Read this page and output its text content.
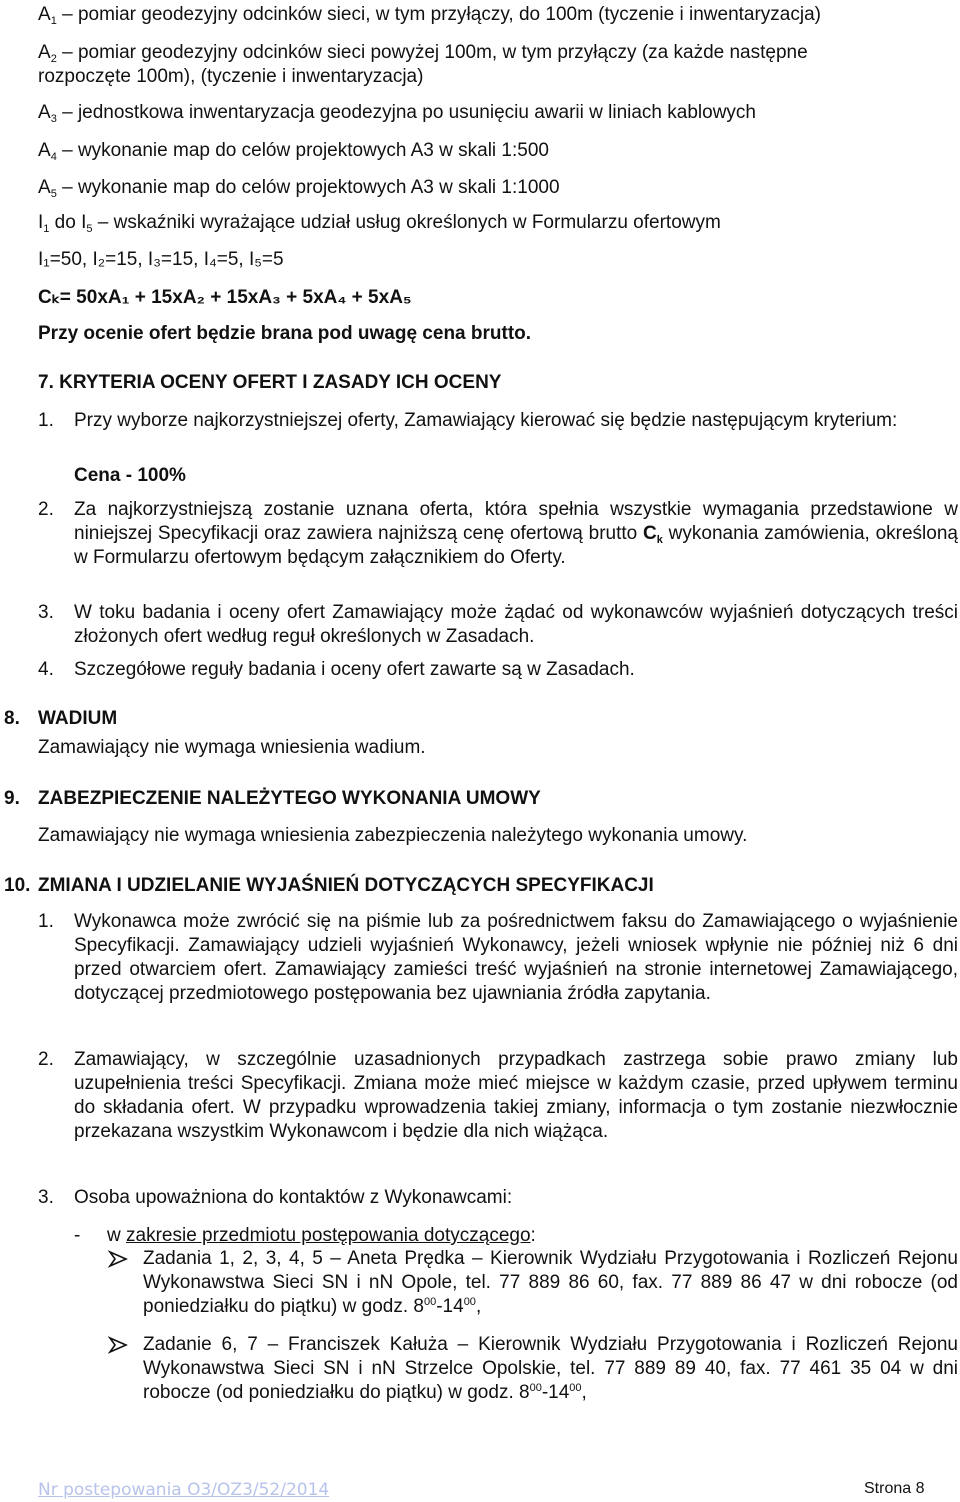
$A_1$ – pomiar geodezyjny odcinków sieci, w tym przyłączy, do 100m (tyczenie i inwentaryzacja)
$A_2$ – pomiar geodezyjny odcinków sieci powyżej 100m, w tym przyłączy (za każde następne
rozpoczęte 100m), (tyczenie i inwentaryzacja)
$A_3$ – jednostkowa inwentaryzacja geodezyjna po usunięciu awarii w liniach kablowych
$A_4$ – wykonanie map do celów projektowych A3 w skali 1:500
$A_5$ – wykonanie map do celów projektowych A3 w skali 1:1000
$I_1$ do $I_5$ – wskaźniki wyrażające udział usług określonych w Formularzu ofertowym
I₁=50, I₂=15, I₃=15, I₄=5, I₅=5
Cₖ= 50xA₁ + 15xA₂ + 15xA₃ + 5xA₄ + 5xA₅
Przy ocenie ofert będzie brana pod uwagę cena brutto.
7. KRYTERIA OCENY OFERT I ZASADY ICH OCENY
1. Przy wyborze najkorzystniejszej oferty, Zamawiający kierować się będzie następującym kryterium:
Cena - 100%
2. Za najkorzystniejszą zostanie uznana oferta, która spełnia wszystkie wymagania przedstawione w niniejszej Specyfikacji oraz zawiera najniższą cenę ofertową brutto $C_k$ wykonania zamówienia, określoną w Formularzu ofertowym będącym załącznikiem do Oferty.
3. W toku badania i oceny ofert Zamawiający może żądać od wykonawców wyjaśnień dotyczących treści złożonych ofert według reguł określonych w Zasadach.
4. Szczegółowe reguły badania i oceny ofert zawarte są w Zasadach.
8. WADIUM
Zamawiający nie wymaga wniesienia wadium.
9. ZABEZPIECZENIE NALEŻYTEGO WYKONANIA UMOWY
Zamawiający nie wymaga wniesienia zabezpieczenia należytego wykonania umowy.
10. ZMIANA I UDZIELANIE WYJAŚNIEŃ DOTYCZĄCYCH SPECYFIKACJI
1. Wykonawca może zwrócić się na piśmie lub za pośrednictwem faksu do Zamawiającego o wyjaśnienie Specyfikacji. Zamawiający udzieli wyjaśnień Wykonawcy, jeżeli wniosek wpłynie nie później niż 6 dni przed otwarciem ofert. Zamawiający zamieści treść wyjaśnień na stronie internetowej Zamawiającego, dotyczącej przedmiotowego postępowania bez ujawniania źródła zapytania.
2. Zamawiający, w szczególnie uzasadnionych przypadkach zastrzega sobie prawo zmiany lub uzupełnienia treści Specyfikacji. Zmiana może mieć miejsce w każdym czasie, przed upływem terminu do składania ofert. W przypadku wprowadzenia takiej zmiany, informacja o tym zostanie niezwłocznie przekazana wszystkim Wykonawcom i będzie dla nich wiążąca.
3. Osoba upoważniona do kontaktów z Wykonawcami:
- w zakresie przedmiotu postępowania dotyczącego:
Zadania 1, 2, 3, 4, 5 – Aneta Prędka – Kierownik Wydziału Przygotowania i Rozliczeń Rejonu Wykonawstwa Sieci SN i nN Opole, tel. 77 889 86 60, fax. 77 889 86 47 w dni robocze (od poniedziałku do piątku) w godz. $8^{00}-14^{00}$,
Zadanie 6, 7 – Franciszek Kałuża – Kierownik Wydziału Przygotowania i Rozliczeń Rejonu Wykonawstwa Sieci SN i nN Strzelce Opolskie, tel. 77 889 89 40, fax. 77 461 35 04 w dni robocze (od poniedziałku do piątku) w godz. $8^{00}-14^{00}$,
Nr postepowania O3/OZ3/52/2014	Strona 8
